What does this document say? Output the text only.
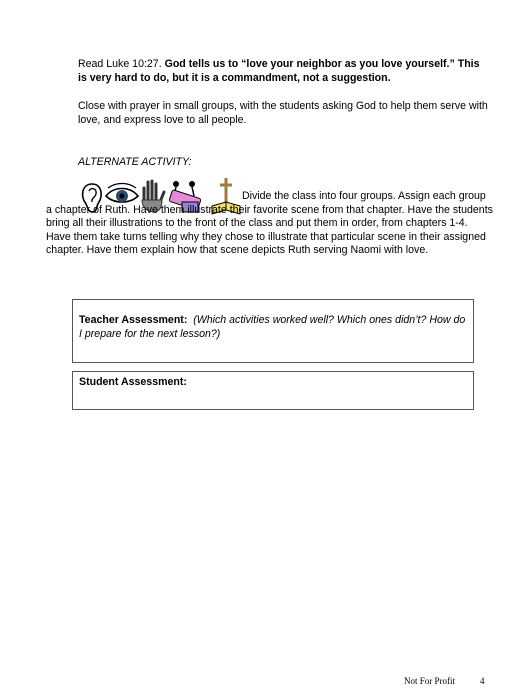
Read Luke 10:27. God tells us to “love your neighbor as you love yourself.” This is very hard to do, but it is a commandment, not a suggestion.

Close with prayer in small groups, with the students asking God to help them serve with love, and express love to all people.

ALTERNATE ACTIVITY:

Divide the class into four groups. Assign each group
a chapter of Ruth. Have them illustrate their favorite scene from that chapter. Have the students bring all their illustrations to the front of the class and put them in order, from chapters 1-4. Have them take turns telling why they chose to illustrate that particular scene in their assigned chapter. Have them explain how that scene depicts Ruth serving Naomi with love.

Teacher Assessment: (Which activities worked well? Which ones didn’t? How do I prepare for the next lesson?)

Student Assessment:

Not For Profit	4
